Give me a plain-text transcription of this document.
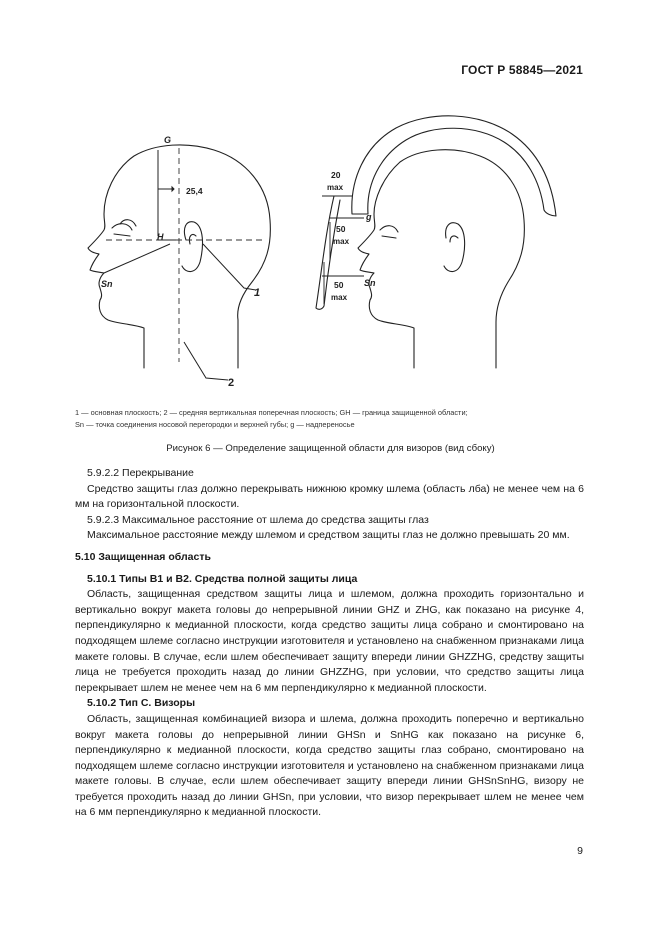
ГОСТ Р 58845—2021
G
25,4
H
Sn
1
2
20
max
50
max
50
max
g
Sn
1 — основная плоскость; 2 — средняя вертикальная поперечная плоскость; GH — граница защищенной области;
Sn — точка соединения носовой перегородки и верхней губы; g — надпереносье
Рисунок 6 — Определение защищенной области для визоров (вид сбоку)

5.9.2.2 Перекрывание

Средство защиты глаз должно перекрывать нижнюю кромку шлема (область лба) не менее чем на 6 мм на горизонтальной плоскости.

5.9.2.3 Максимальное расстояние от шлема до средства защиты глаз

Максимальное расстояние между шлемом и средством защиты глаз не должно превышать 20 мм.

5.10 Защищенная область

5.10.1 Типы В1 и В2. Средства полной защиты лица

Область, защищенная средством защиты лица и шлемом, должна проходить горизонтально и вертикально вокруг макета головы до непрерывной линии GHZ и ZHG, как показано на рисунке 4, перпендикулярно к медианной плоскости, когда средство защиты лица собрано и смонтировано на подходящем шлеме согласно инструкции изготовителя и установлено на снабженном признаками лица макете головы. В случае, если шлем обеспечивает защиту впереди линии GHZZHG, средству защиты лица не требуется проходить назад до линии GHZZHG, при условии, что средство защиты лица перекрывает шлем не менее чем на 6 мм перпендикулярно к медианной плоскости.

5.10.2 Тип С. Визоры

Область, защищенная комбинацией визора и шлема, должна проходить поперечно и вертикально вокруг макета головы до непрерывной линии GHSn и SnHG как показано на рисунке 6, перпендикулярно к медианной плоскости, когда средство защиты глаз собрано, смонтировано на подходящем шлеме согласно инструкции изготовителя и установлено на снабженном признаками лица макете головы. В случае, если шлем обеспечивает защиту впереди линии GHSnSnHG, визору не требуется проходить назад до линии GHSn, при условии, что визор перекрывает шлем не менее чем на 6 мм перпендикулярно к медианной плоскости.

9
